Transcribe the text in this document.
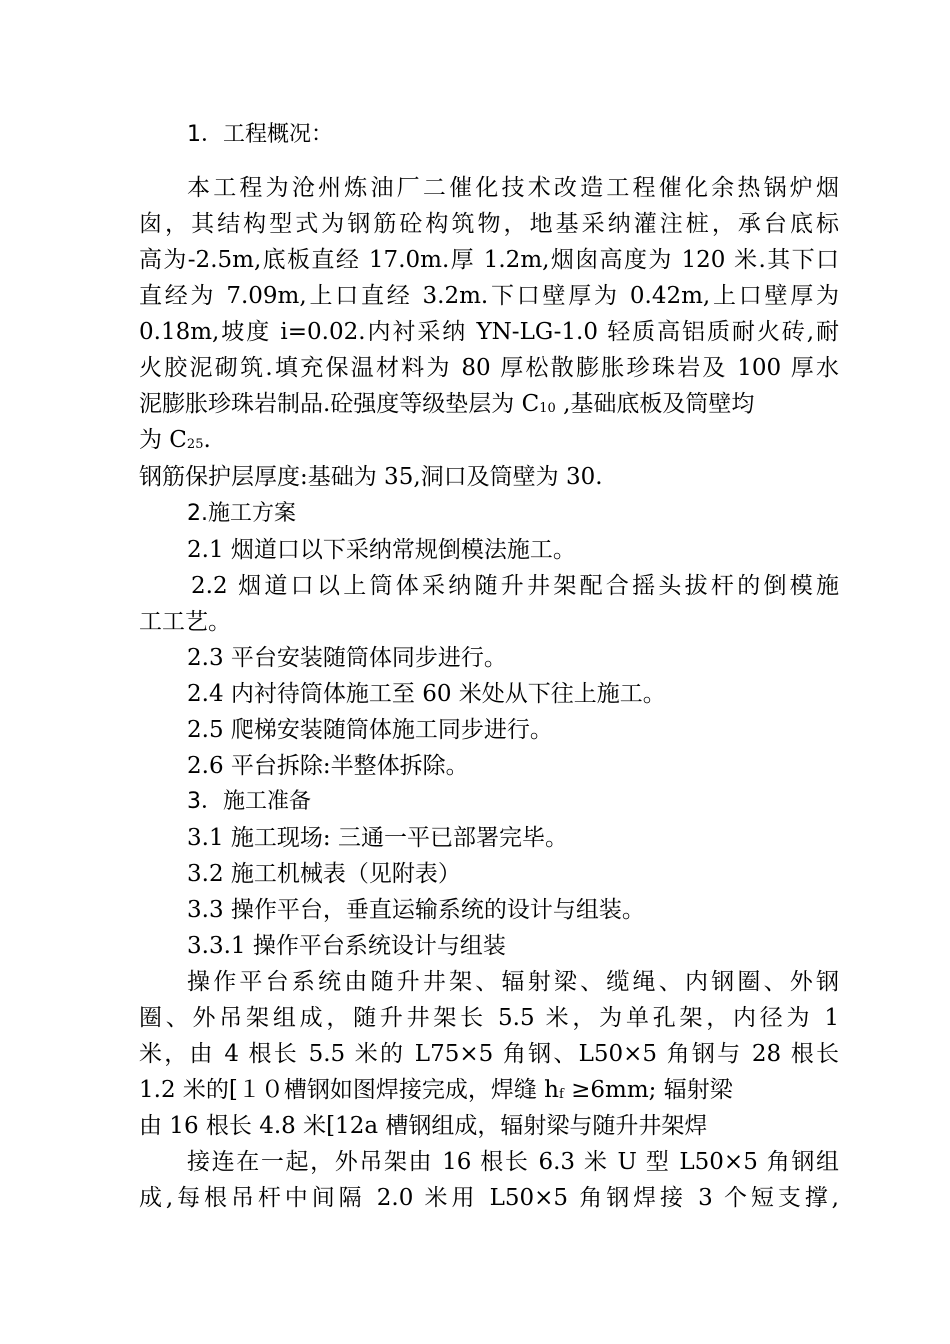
1．工程概况：
本工程为沧州炼油厂二催化技术改造工程催化余热锅炉烟
囱，其结构型式为钢筋砼构筑物，地基采纳灌注桩，承台底标
高为-2.5m,底板直经 17.0m.厚 1.2m,烟囱高度为 120 米.其下口
直经为 7.09m,上口直经 3.2m.下口壁厚为 0.42m,上口壁厚为
0.18m,坡度 i=0.02.内衬采纳 YN-LG-1.0 轻质高铝质耐火砖,耐
火胶泥砌筑.填充保温材料为 80 厚松散膨胀珍珠岩及 100 厚水
泥膨胀珍珠岩制品.砼强度等级垫层为 $C_{10}$ ,基础底板及筒壁均
为 $C_{25}$.
钢筋保护层厚度:基础为 35,洞口及筒壁为 30.
2.施工方案
2.1 烟道口以下采纳常规倒模法施工。
2.2 烟道口以上筒体采纳随升井架配合摇头拔杆的倒模施
工工艺。
2.3 平台安装随筒体同步进行。
2.4 内衬待筒体施工至 60 米处从下往上施工。
2.5 爬梯安装随筒体施工同步进行。
2.6 平台拆除:半整体拆除。
3．施工准备
3.1 施工现场: 三通一平已部署完毕。
3.2 施工机械表（见附表）
3.3 操作平台，垂直运输系统的设计与组装。
3.3.1 操作平台系统设计与组装
操作平台系统由随升井架、辐射梁、缆绳、内钢圈、外钢
圈、外吊架组成，随升井架长 5.5 米，为单孔架，内径为 1
米，由 4 根长 5.5 米的 L75×5 角钢、L50×5 角钢与 28 根长
1.2 米的[１０槽钢如图焊接完成，焊缝 $h_f \ge 6mm$; 辐射梁
由 16 根长 4.8 米[12a 槽钢组成，辐射梁与随升井架焊
接连在一起，外吊架由 16 根长 6.3 米 U 型 L50×5 角钢组
成,每根吊杆中间隔 2.0 米用 L50×5 角钢焊接 3 个短支撑,
